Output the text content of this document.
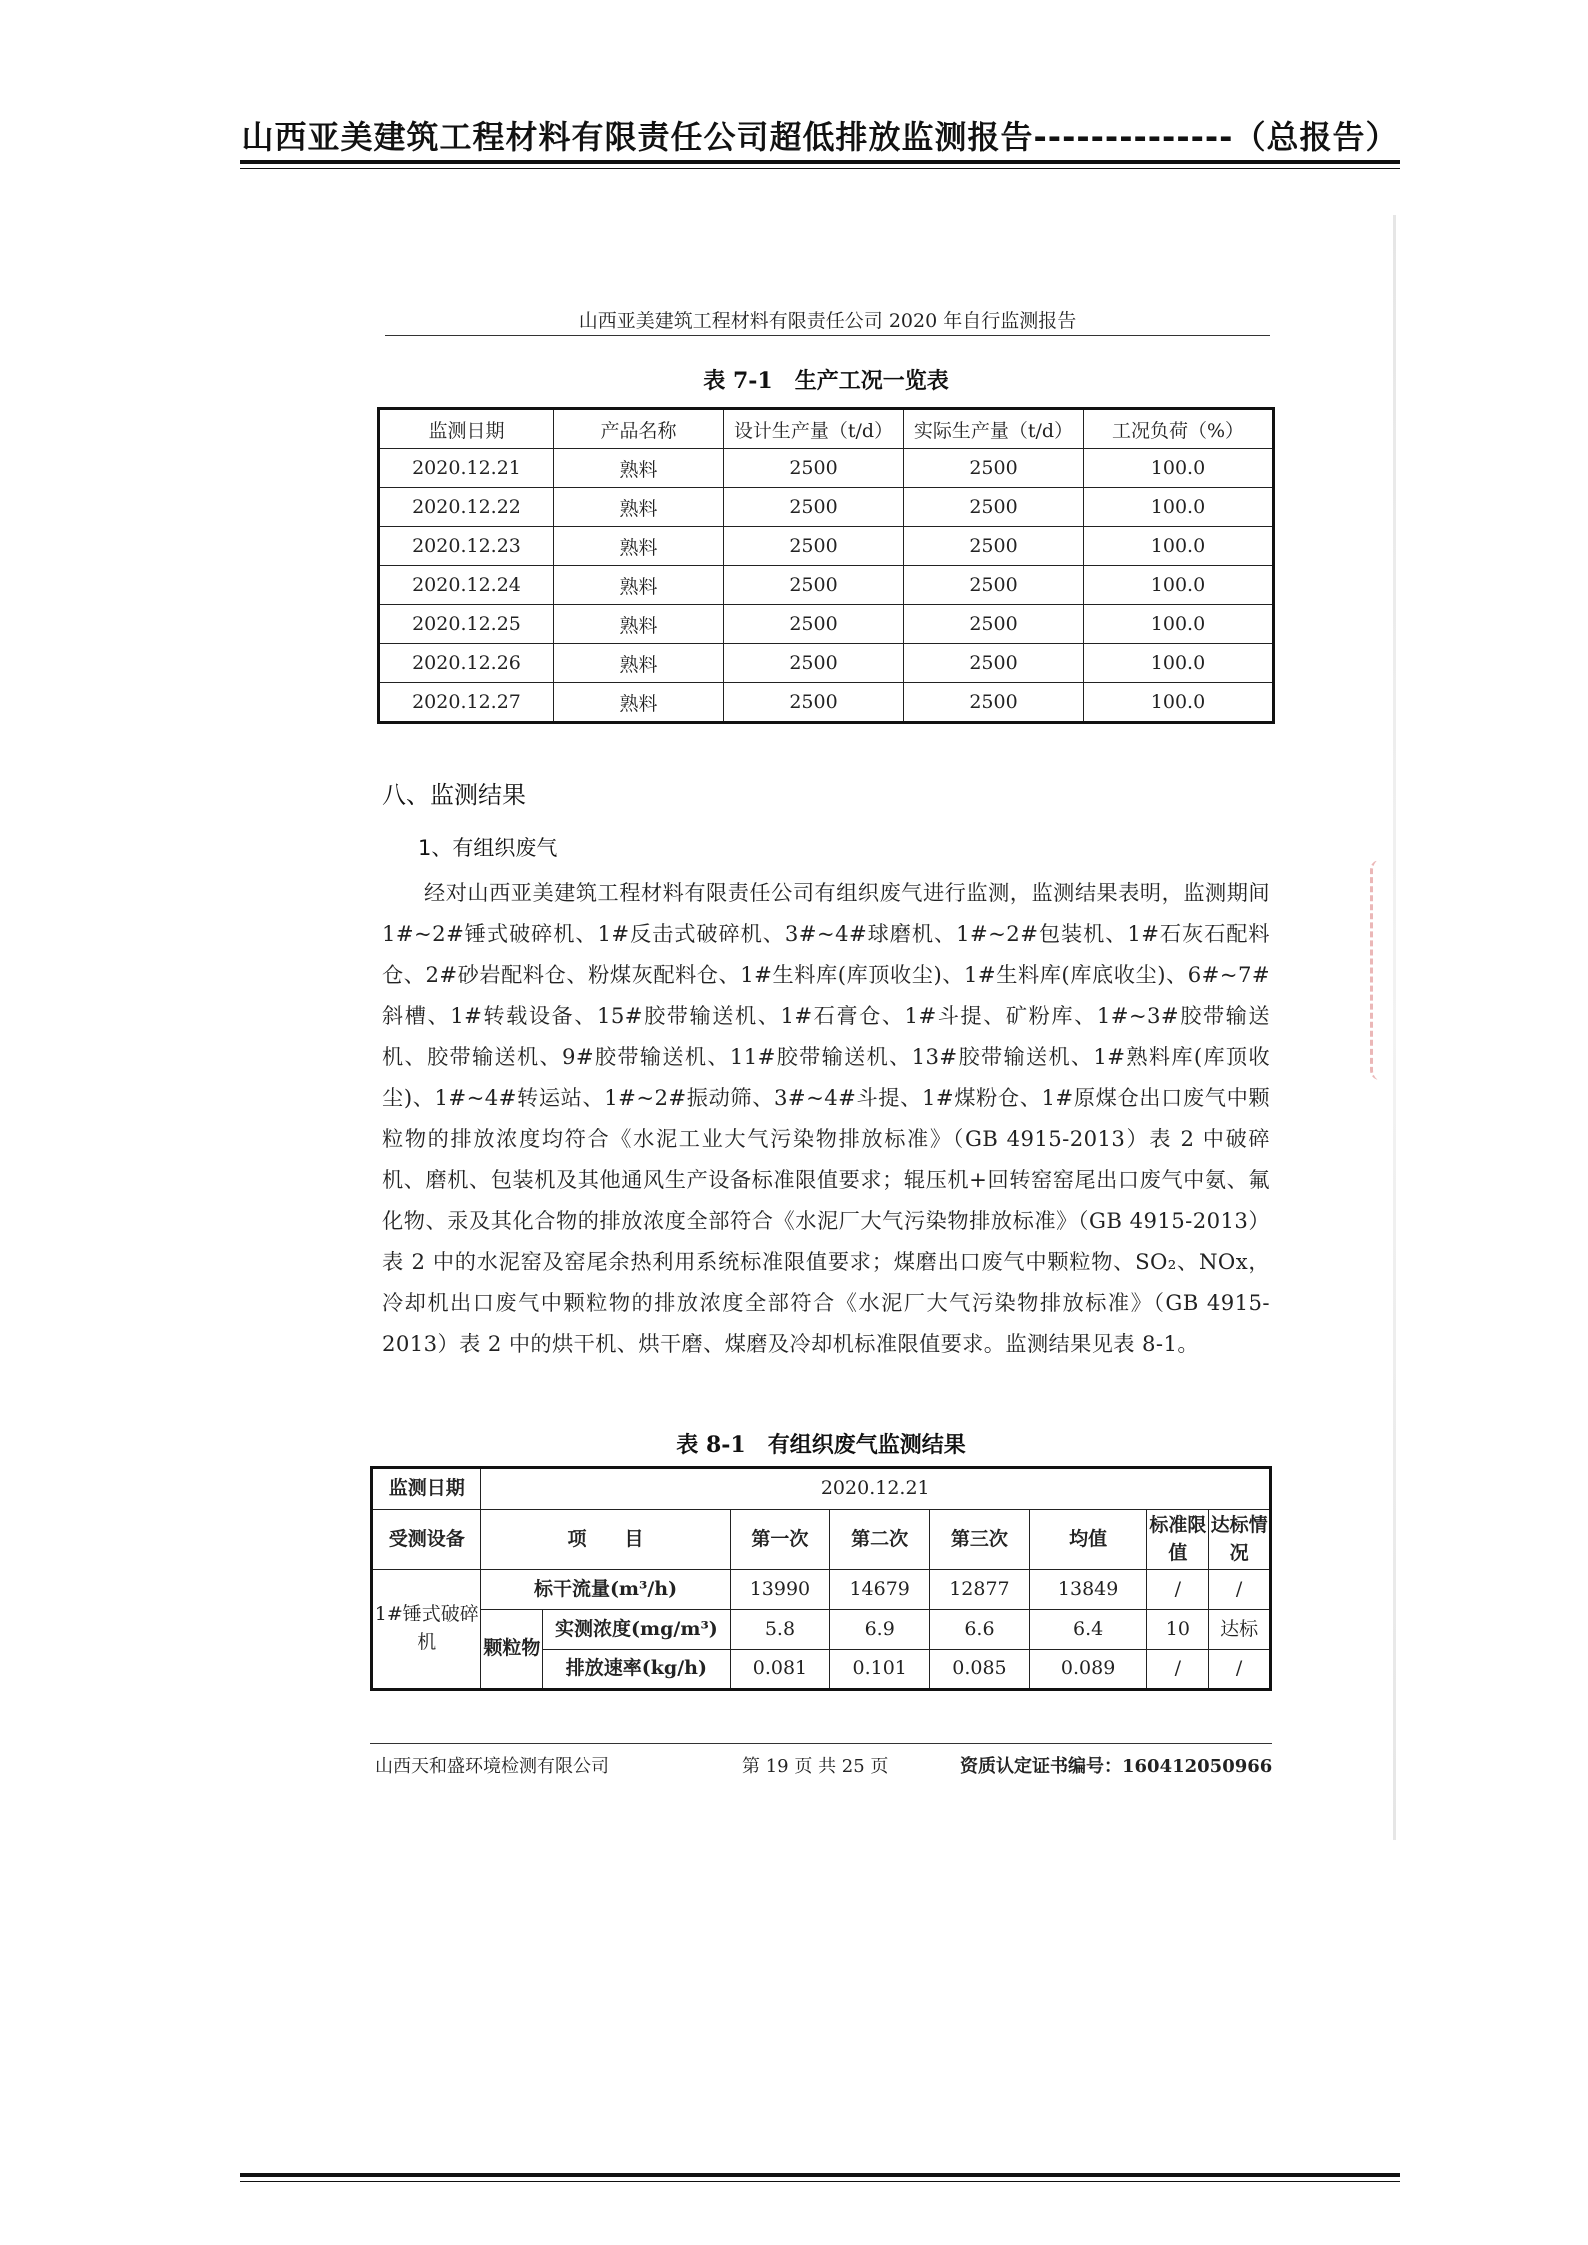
山西亚美建筑工程材料有限责任公司超低排放监测报告--------------（总报告）
山西亚美建筑工程材料有限责任公司 2020 年自行监测报告
表 7-1　生产工况一览表
监测日期	产品名称	设计生产量（t/d）	实际生产量（t/d）	工况负荷（%）
2020.12.21	熟料	2500	2500	100.0
2020.12.22	熟料	2500	2500	100.0
2020.12.23	熟料	2500	2500	100.0
2020.12.24	熟料	2500	2500	100.0
2020.12.25	熟料	2500	2500	100.0
2020.12.26	熟料	2500	2500	100.0
2020.12.27	熟料	2500	2500	100.0
八、监测结果
1、有组织废气
经对山西亚美建筑工程材料有限责任公司有组织废气进行监测，监测结果表明，监测期间 1#~2#锤式破碎机、1#反击式破碎机、3#~4#球磨机、1#~2#包装机、1#石灰石配料仓、2#砂岩配料仓、粉煤灰配料仓、1#生料库(库顶收尘)、1#生料库(库底收尘)、6#~7#斜槽、1#转载设备、15#胶带输送机、1#石膏仓、1#斗提、矿粉库、1#~3#胶带输送机、胶带输送机、9#胶带输送机、11#胶带输送机、13#胶带输送机、1#熟料库(库顶收尘)、1#~4#转运站、1#~2#振动筛、3#~4#斗提、1#煤粉仓、1#原煤仓出口废气中颗粒物的排放浓度均符合《水泥工业大气污染物排放标准》（GB 4915-2013）表 2 中破碎机、磨机、包装机及其他通风生产设备标准限值要求；辊压机+回转窑窑尾出口废气中氨、氟化物、汞及其化合物的排放浓度全部符合《水泥厂大气污染物排放标准》（GB 4915-2013）表 2 中的水泥窑及窑尾余热利用系统标准限值要求；煤磨出口废气中颗粒物、SO₂、NOx，冷却机出口废气中颗粒物的排放浓度全部符合《水泥厂大气污染物排放标准》（GB 4915-2013）表 2 中的烘干机、烘干磨、煤磨及冷却机标准限值要求。监测结果见表 8-1。
表 8-1　有组织废气监测结果
监测日期	2020.12.21							
受测设备	项　　目		第一次	第二次	第三次	均值	标准限值	达标情况
1#锤式破碎机	标干流量(m³/h)		13990	14679	12877	13849	/	/
	颗粒物	实测浓度(mg/m³)	5.8	6.9	6.6	6.4	10	达标
		排放速率(kg/h)	0.081	0.101	0.085	0.089	/	/
山西天和盛环境检测有限公司	第 19 页 共 25 页	资质认定证书编号：160412050966
